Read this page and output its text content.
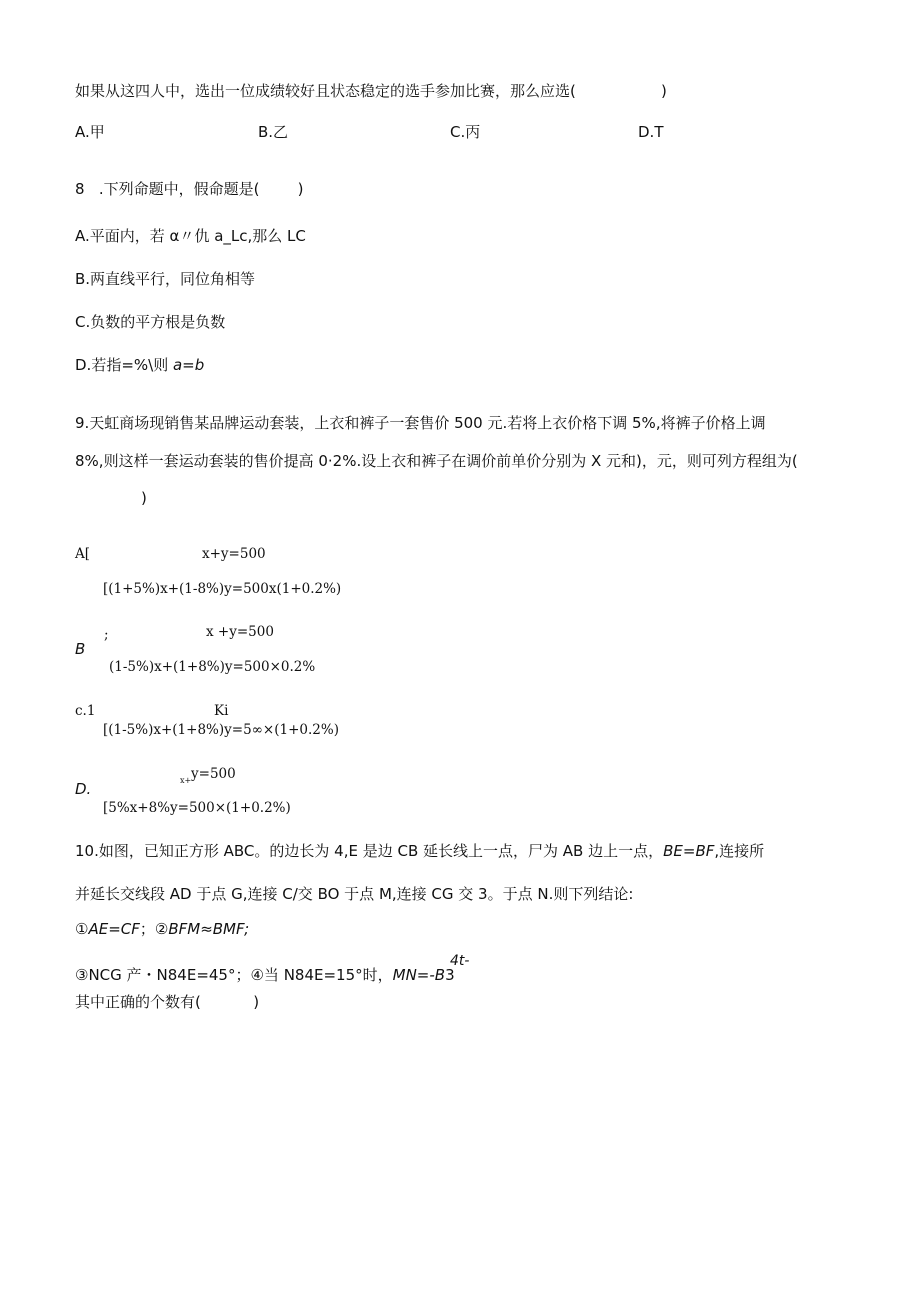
如果从这四人中，选出一位成绩较好且状态稳定的选手参加比赛，那么应选(	)
A.甲	B.乙	C.丙	D.T
8   .下列命题中，假命题是(        )
A.平面内，若 α〃仇 a_Lc,那么 LC
B.两直线平行，同位角相等
C.负数的平方根是负数
D.若指=%\则 a=b
9.天虹商场现销售某品牌运动套装，上衣和裤子一套售价 500 元.若将上衣价格下调 5%,将裤子价格上调
8%,则这样一套运动套装的售价提高 0·2%.设上衣和裤子在调价前单价分别为 X 元和)，元，则可列方程组为(
)
A[	x+y=500
[(1+5%)x+(1-8%)y=500x(1+0.2%)
;	x +y=500
B
(1-5%)x+(1+8%)y=500×0.2%
c.1	Ki
[(1-5%)x+(1+8%)y=5∞×(1+0.2%)
x+ y=500
D.
[5%x+8%y=500×(1+0.2%)
10.如图，已知正方形 ABC。的边长为 4,E 是边 CB 延长线上一点，尸为 AB 边上一点，BE=BF,连接所
并延长交线段 AD 于点 G,连接 C/交 BO 于点 M,连接 CG 交 3。于点 N.则下列结论:
①AE=CF；②BFM≈BMF;
③NCG 产・N84E=45°；④当 N84E=15°时，MN=-B3
4t-
其中正确的个数有(           )
